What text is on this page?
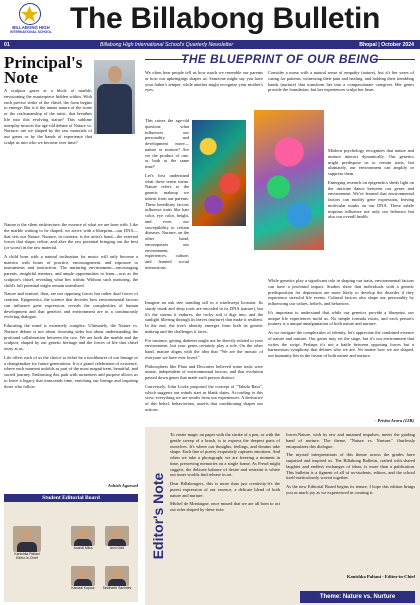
BILLABONG HIGH
INTERNATIONAL SCHOOL The Billabong Bulletin
01	Billabong High International School's Quarterly Newsletter	Bhopal | October 2024
Principal's Note

A sculptor gazes at a block of marble, envisioning the masterpiece hidden within. With each precise strike of the chisel, the form begins to emerge. But is it the innate nature of the stone or the craftsmanship of the artist, that breathes life into this evolving statue? This sublime interplay mirrors the age-old debate of Nature vs. Nurture: are we shaped by the raw materials of our genes or by the hands of experience that sculpt us into who we become over time?

Nature is the silent architecture, the essence of what we are born with. Like the marble waiting to be shaped, we arrive with a blueprint—our DNA—that sets our Nature. Nurture, in contrast, is the artist's hand—the external forces that shape, refine, and alter the raw potential bringing out the best (or worst) in the raw material.

A child born with a natural inclination for music will only become a maestro with hours of practice, encouragement, and exposure to instruments and instruction. The nurturing environment—encouraging parents, insightful mentors, and ample opportunities to learn—acts as the sculptor's chisel, revealing what lies within. Without such nurturing, the child's full potential might remain unrealised.

Nature and nurture, then, are not opposing forces but rather dual forces of creation. Epigenetics, the science that decodes how environmental factors can influence gene expression, reveals the complexities of human development and that genetics and environment are in a continuously evolving dialogue.

Educating the mind is extremely complex. Ultimately, the Nature vs. Nurture debate is not about choosing sides but about understanding the profound collaboration between the two. We are both the marble and the sculptor, shaped by our genetic heritage and the forces of life that chisel away at us.

Life offers each of us the choice to either be a torchbearer of our lineage or a changemaker for future generations. It is a grand celebration of existence, where each moment unfolds as part of the most magnificent, beautiful, and sacred journey. Embracing this path with awareness and purpose allows us to leave a legacy that transcends time, enriching our lineage and inspiring those who follow.

- Ashish Agarwal
Student Editorial Board
Anandi Mitra	Anvi Dixit
Kanishka Paltani
Editor-in-Chief
Kamaal Kapoor	Siddharth Sachdev
THE BLUEPRINT OF OUR BEING

We often hear people tell us how much we resemble our parents or how our upbringings shapes us. Someone might say you have your father's temper, while another might recognize your mother's eyes.

This raises the age-old question: what influences our personality and development more—nature or nurture? Are we the product of one, or both at the same time?

Let's first understand what these terms mean. Nature refers to the genetic makeup we inherit from our parents. These hereditary factors influence traits like hair color, eye color, height, and even our susceptibility to certain diseases. Nurture, on the other hand, encompasses our environment, experiences, culture, and learned social interactions.

Imagine an oak tree standing tall in a windswept location. Its sturdy trunk and deep roots are encoded in its DNA (nature), but it's the storms it endures, the rocky soil it digs into, and the sunlight filtering through its leaves (nurture) that make it resilient. In the end, the tree's identity emerges from both its genetic makeup and the challenges it faces.

For instance, getting diabetes might not be directly related to your environment, but your genes certainly play a role. On the other hand, mature aligns with the idea that "We are the mosaic of everyone we have ever loved."

Philosophers like Plato and Descartes believed some traits were innate, independent of environmental factors, and that evolution passed down genes that made each person distinct.

Conversely, John Locke proposed the concept of "Tabula Rasa", which suggests our minds start as blank slates. According to this view, everything we are results from our experiences. A derivative of this belief, behaviorism, asserts that conditioning shapes our actions.

Consider a nurse with a natural sense of empathy (nature), but it's her years of caring for patients, witnessing their pain and healing, and holding their trembling hands (nurture) that transform her into a compassionate caregiver. Her genes provide the foundation, but her experiences sculpt her heart.

Modern psychology recognizes that nature and nurture interact dynamically. Our genetics might predispose us to certain traits, but ultimately, our environment can amplify or suppress them.

Emerging research on epigenetics sheds light on the intricate dance between our genes and environment. We've learned that environmental factors can modify gene expression, leaving molecular marks on our DNA. These subtle imprints influence not only our behavior but also our overall health.

While genetics play a significant role in shaping our traits, environmental factors can have a profound impact. Studies show that individuals with a genetic predisposition for depression are more likely to develop the disorder if they experience stressful life events. Cultural factors also shape our personality by influencing our values, beliefs, and behaviors.

It's important to understand that while our genetics provide a blueprint, our unique life experiences mold us. No simple formula exists, and each person's journey is a unique amalgamation of both nature and nurture.

As we navigate the complexities of identity, let's appreciate the combined essence of nature and nurture. Our genes may set the stage, but it's our environment that writes the script. Perhaps it's not a battle between opposing forces but a harmonious symphony that defines who we are. No matter how we are shaped, our humanity lies in the fusion of both nature and nurture.

- Prisha Arora (12B)
Editor's Note

To create magic on paper with the stroke of a pen, or with the gentle sweep of a brush, is to express the deepest parts of ourselves. It's where our thoughts, feelings, and dreams take shape. Each line of poetry exquisitely captures emotions. And when we take a photograph, we are freezing a moment in time, preserving memories on a single frame. As Freud might suggest, the delicate balance of desire and restraint is where our inner worlds find release in art.

Dear Billabongers, this is more than just creativity-it's the purest expression of our essence, a delicate blend of both nature and nurture.

Michel de Montaigne, once mused that we are all born to act out roles shaped by these twin

forces.Nature, with its raw and untamed impulses, meets the guiding hand of nurture. The theme, "Nature vs. Nurture," flawlessly encapsulates this dialogue.

The myriad interpretations of this theme across the grades have surprised and inspired us. The Billabong Bulletin, crafted with shared laughter and endless exchanges of ideas, is more than a publication. This bulletin is a figment of all of us-students, editors, and the school itself-meticulously woven together.

As the new Editorial Board begins its tenure, I hope this edition brings you as much joy as we experienced in creating it.

Kanishka Paltani - Editor-in-Chief
Theme: Nature vs. Nurture
